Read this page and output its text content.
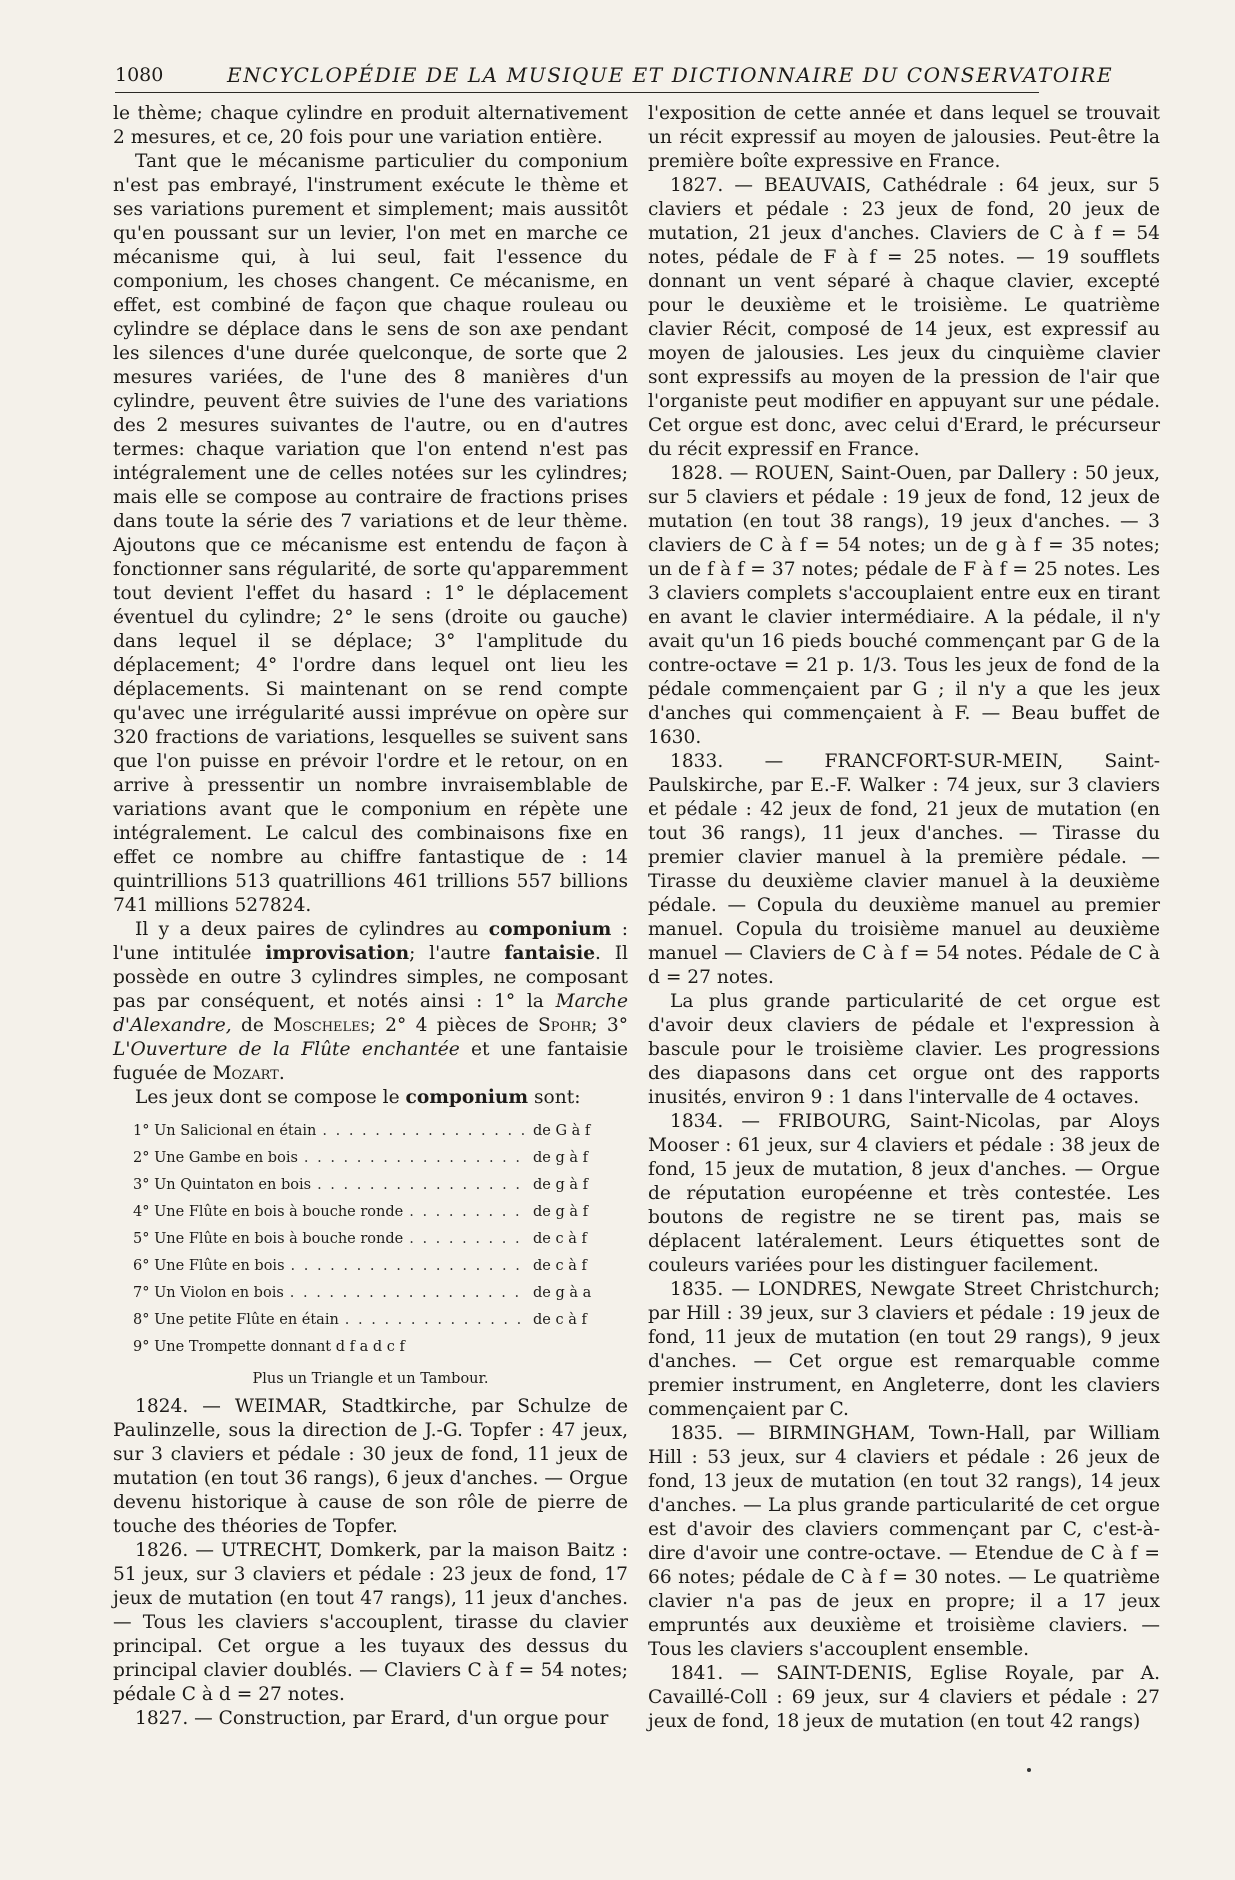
1080	ENCYCLOPÉDIE DE LA MUSIQUE ET DICTIONNAIRE DU CONSERVATOIRE

le thème; chaque cylindre en produit alternativement 2 mesures, et ce, 20 fois pour une variation entière.

Tant que le mécanisme particulier du componium n'est pas embrayé, l'instrument exécute le thème et ses variations purement et simplement; mais aussitôt qu'en poussant sur un levier, l'on met en marche ce mécanisme qui, à lui seul, fait l'essence du componium, les choses changent. Ce mécanisme, en effet, est combiné de façon que chaque rouleau ou cylindre se déplace dans le sens de son axe pendant les silences d'une durée quelconque, de sorte que 2 mesures variées, de l'une des 8 manières d'un cylindre, peuvent être suivies de l'une des variations des 2 mesures suivantes de l'autre, ou en d'autres termes: chaque variation que l'on entend n'est pas intégralement une de celles notées sur les cylindres; mais elle se compose au contraire de fractions prises dans toute la série des 7 variations et de leur thème. Ajoutons que ce mécanisme est entendu de façon à fonctionner sans régularité, de sorte qu'apparemment tout devient l'effet du hasard : 1° le déplacement éventuel du cylindre; 2° le sens (droite ou gauche) dans lequel il se déplace; 3° l'amplitude du déplacement; 4° l'ordre dans lequel ont lieu les déplacements. Si maintenant on se rend compte qu'avec une irrégularité aussi imprévue on opère sur 320 fractions de variations, lesquelles se suivent sans que l'on puisse en prévoir l'ordre et le retour, on en arrive à pressentir un nombre invraisemblable de variations avant que le componium en répète une intégralement. Le calcul des combinaisons fixe en effet ce nombre au chiffre fantastique de : 14 quintrillions 513 quatrillions 461 trillions 557 billions 741 millions 527824.

Il y a deux paires de cylindres au componium : l'une intitulée improvisation; l'autre fantaisie. Il possède en outre 3 cylindres simples, ne composant pas par conséquent, et notés ainsi : 1° la Marche d'Alexandre, de Moscheles; 2° 4 pièces de Spohr; 3° L'Ouverture de la Flûte enchantée et une fantaisie fuguée de Mozart.

Les jeux dont se compose le componium sont:

1° Un Salicional en étain . . .	de G à f
2° Une Gambe en bois . . .	de g à f
3° Un Quintaton en bois . . .	de g à f
4° Une Flûte en bois à bouche ronde . . .	de g à f
5° Une Flûte en bois à bouche ronde . . .	de c à f
6° Une Flûte en bois . . .	de c à f
7° Un Violon en bois . . .	de g à a
8° Une petite Flûte en étain . . .	de c à f
9° Une Trompette donnant d f a d c f
Plus un Triangle et un Tambour.

1824. — WEIMAR, Stadtkirche, par Schulze de Paulinzelle, sous la direction de J.-G. Topfer : 47 jeux, sur 3 claviers et pédale : 30 jeux de fond, 11 jeux de mutation (en tout 36 rangs), 6 jeux d'anches. — Orgue devenu historique à cause de son rôle de pierre de touche des théories de Topfer.

1826. — UTRECHT, Domkerk, par la maison Baitz : 51 jeux, sur 3 claviers et pédale : 23 jeux de fond, 17 jeux de mutation (en tout 47 rangs), 11 jeux d'anches. — Tous les claviers s'accouplent, tirasse du clavier principal. Cet orgue a les tuyaux des dessus du principal clavier doublés. — Claviers C à f = 54 notes; pédale C à d = 27 notes.

1827. — Construction, par Erard, d'un orgue pour

l'exposition de cette année et dans lequel se trouvait un récit expressif au moyen de jalousies. Peut-être la première boîte expressive en France.

1827. — BEAUVAIS, Cathédrale : 64 jeux, sur 5 claviers et pédale : 23 jeux de fond, 20 jeux de mutation, 21 jeux d'anches. Claviers de C à f = 54 notes, pédale de F à f = 25 notes. — 19 soufflets donnant un vent séparé à chaque clavier, excepté pour le deuxième et le troisième. Le quatrième clavier Récit, composé de 14 jeux, est expressif au moyen de jalousies. Les jeux du cinquième clavier sont expressifs au moyen de la pression de l'air que l'organiste peut modifier en appuyant sur une pédale. Cet orgue est donc, avec celui d'Erard, le précurseur du récit expressif en France.

1828. — ROUEN, Saint-Ouen, par Dallery : 50 jeux, sur 5 claviers et pédale : 19 jeux de fond, 12 jeux de mutation (en tout 38 rangs), 19 jeux d'anches. — 3 claviers de C à f = 54 notes; un de g à f = 35 notes; un de f à f = 37 notes; pédale de F à f = 25 notes. Les 3 claviers complets s'accouplaient entre eux en tirant en avant le clavier intermédiaire. A la pédale, il n'y avait qu'un 16 pieds bouché commençant par G de la contre-octave = 21 p. 1/3. Tous les jeux de fond de la pédale commençaient par G ; il n'y a que les jeux d'anches qui commençaient à F. — Beau buffet de 1630.

1833. — FRANCFORT-SUR-MEIN, Saint-Paulskirche, par E.-F. Walker : 74 jeux, sur 3 claviers et pédale : 42 jeux de fond, 21 jeux de mutation (en tout 36 rangs), 11 jeux d'anches. — Tirasse du premier clavier manuel à la première pédale. — Tirasse du deuxième clavier manuel à la deuxième pédale. — Copula du deuxième manuel au premier manuel. Copula du troisième manuel au deuxième manuel — Claviers de C à f = 54 notes. Pédale de C à d = 27 notes.

La plus grande particularité de cet orgue est d'avoir deux claviers de pédale et l'expression à bascule pour le troisième clavier. Les progressions des diapasons dans cet orgue ont des rapports inusités, environ 9 : 1 dans l'intervalle de 4 octaves.

1834. — FRIBOURG, Saint-Nicolas, par Aloys Mooser : 61 jeux, sur 4 claviers et pédale : 38 jeux de fond, 15 jeux de mutation, 8 jeux d'anches. — Orgue de réputation européenne et très contestée. Les boutons de registre ne se tirent pas, mais se déplacent latéralement. Leurs étiquettes sont de couleurs variées pour les distinguer facilement.

1835. — LONDRES, Newgate Street Christchurch; par Hill : 39 jeux, sur 3 claviers et pédale : 19 jeux de fond, 11 jeux de mutation (en tout 29 rangs), 9 jeux d'anches. — Cet orgue est remarquable comme premier instrument, en Angleterre, dont les claviers commençaient par C.

1835. — BIRMINGHAM, Town-Hall, par William Hill : 53 jeux, sur 4 claviers et pédale : 26 jeux de fond, 13 jeux de mutation (en tout 32 rangs), 14 jeux d'anches. — La plus grande particularité de cet orgue est d'avoir des claviers commençant par C, c'est-à-dire d'avoir une contre-octave. — Etendue de C à f = 66 notes; pédale de C à f = 30 notes. — Le quatrième clavier n'a pas de jeux en propre; il a 17 jeux empruntés aux deuxième et troisième claviers. — Tous les claviers s'accouplent ensemble.

1841. — SAINT-DENIS, Eglise Royale, par A. Cavaillé-Coll : 69 jeux, sur 4 claviers et pédale : 27 jeux de fond, 18 jeux de mutation (en tout 42 rangs)
